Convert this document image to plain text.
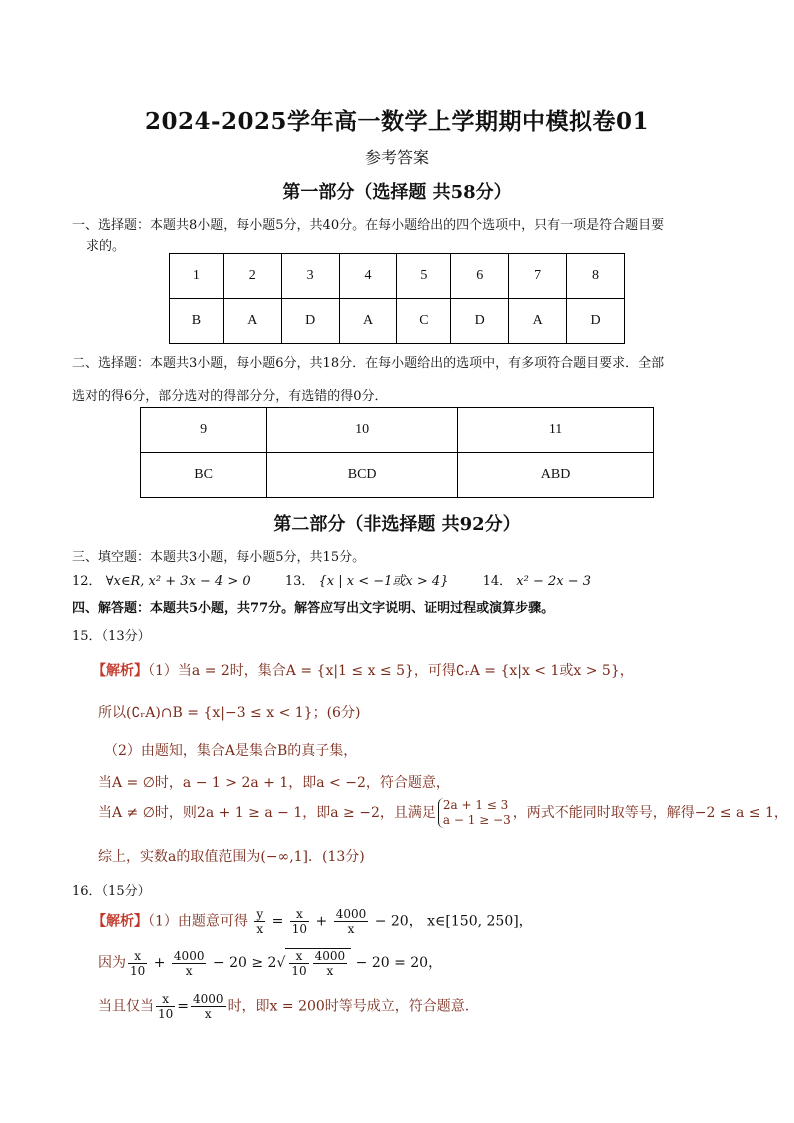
2024-2025学年高一数学上学期期中模拟卷01
参考答案
第一部分（选择题 共58分）
一、选择题：本题共8小题，每小题5分，共40分。在每小题给出的四个选项中，只有一项是符合题目要
求的。
1	2	3	4	5	6	7	8
B	A	D	A	C	D	A	D
二、选择题：本题共3小题，每小题6分，共18分．在每小题给出的选项中，有多项符合题目要求．全部
选对的得6分，部分选对的得部分分，有选错的得0分．
9	10	11
BC	BCD	ABD
第二部分（非选择题 共92分）
三、填空题：本题共3小题，每小题5分，共15分。
12． ∀x∈R, x² + 3x − 4 > 0	13． {x | x < −1或x > 4}	14． x² − 2x − 3
四、解答题：本题共5小题，共77分。解答应写出文字说明、证明过程或演算步骤。
15．（13分）
【解析】（1）当a = 2时，集合A = {x|1 ≤ x ≤ 5}，可得∁ᵣA = {x|x < 1或x > 5}，
所以(∁ᵣA)∩B = {x|−3 ≤ x < 1}；(6分)
（2）由题知，集合A是集合B的真子集，
当A = ∅时，a − 1 > 2a + 1，即a < −2，符合题意，
当A ≠ ∅时，则2a + 1 ≥ a − 1，即a ≥ −2，且满足 2a + 1 ≤ 3
a − 1 ≥ −3 ，两式不能同时取等号，解得−2 ≤ a ≤ 1，
综上，实数a的取值范围为(−∞,1]．(13分)
16．（15分）
【解析】（1）由题意可得 $\frac{y}{x} = \frac{x}{10} + \frac{4000}{x} - 20$， x∈[150, 250]，
因为 $\frac{x}{10} + \frac{4000}{x} - 20 \ge 2√ \frac{x}{10} \frac{4000}{x} - 20 = 20$，
当且仅当 $\frac{x}{10} = \frac{4000}{x}$ 时，即x = 200时等号成立，符合题意.
